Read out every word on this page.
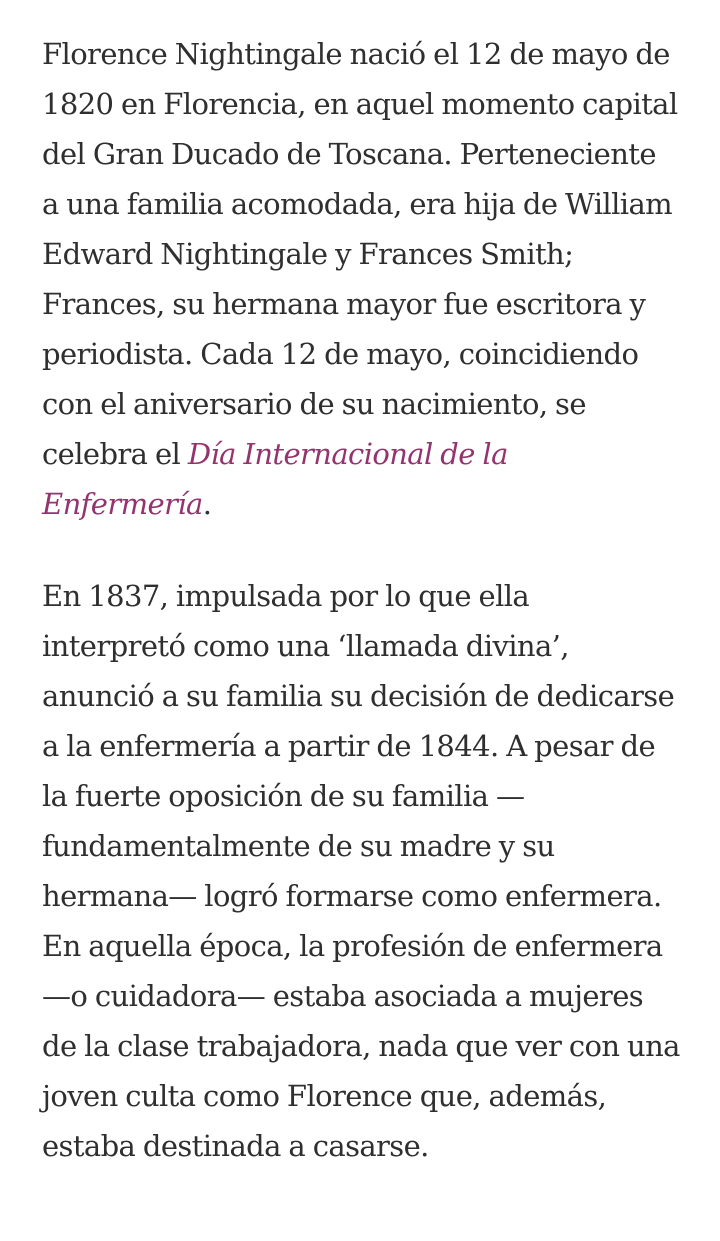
Florence Nightingale nació el 12 de mayo de 1820 en Florencia, en aquel momento capital del Gran Ducado de Toscana. Perteneciente a una familia acomodada, era hija de William Edward Nightingale y Frances Smith; Frances, su hermana mayor fue escritora y periodista. Cada 12 de mayo, coincidiendo con el aniversario de su nacimiento, se celebra el Día Internacional de la Enfermería.

En 1837, impulsada por lo que ella interpretó como una ‘llamada divina’, anunció a su familia su decisión de dedicarse a la enfermería a partir de 1844. A pesar de la fuerte oposición de su familia —fundamentalmente de su madre y su hermana— logró formarse como enfermera. En aquella época, la profesión de enfermera —o cuidadora— estaba asociada a mujeres de la clase trabajadora, nada que ver con una joven culta como Florence que, además, estaba destinada a casarse.
